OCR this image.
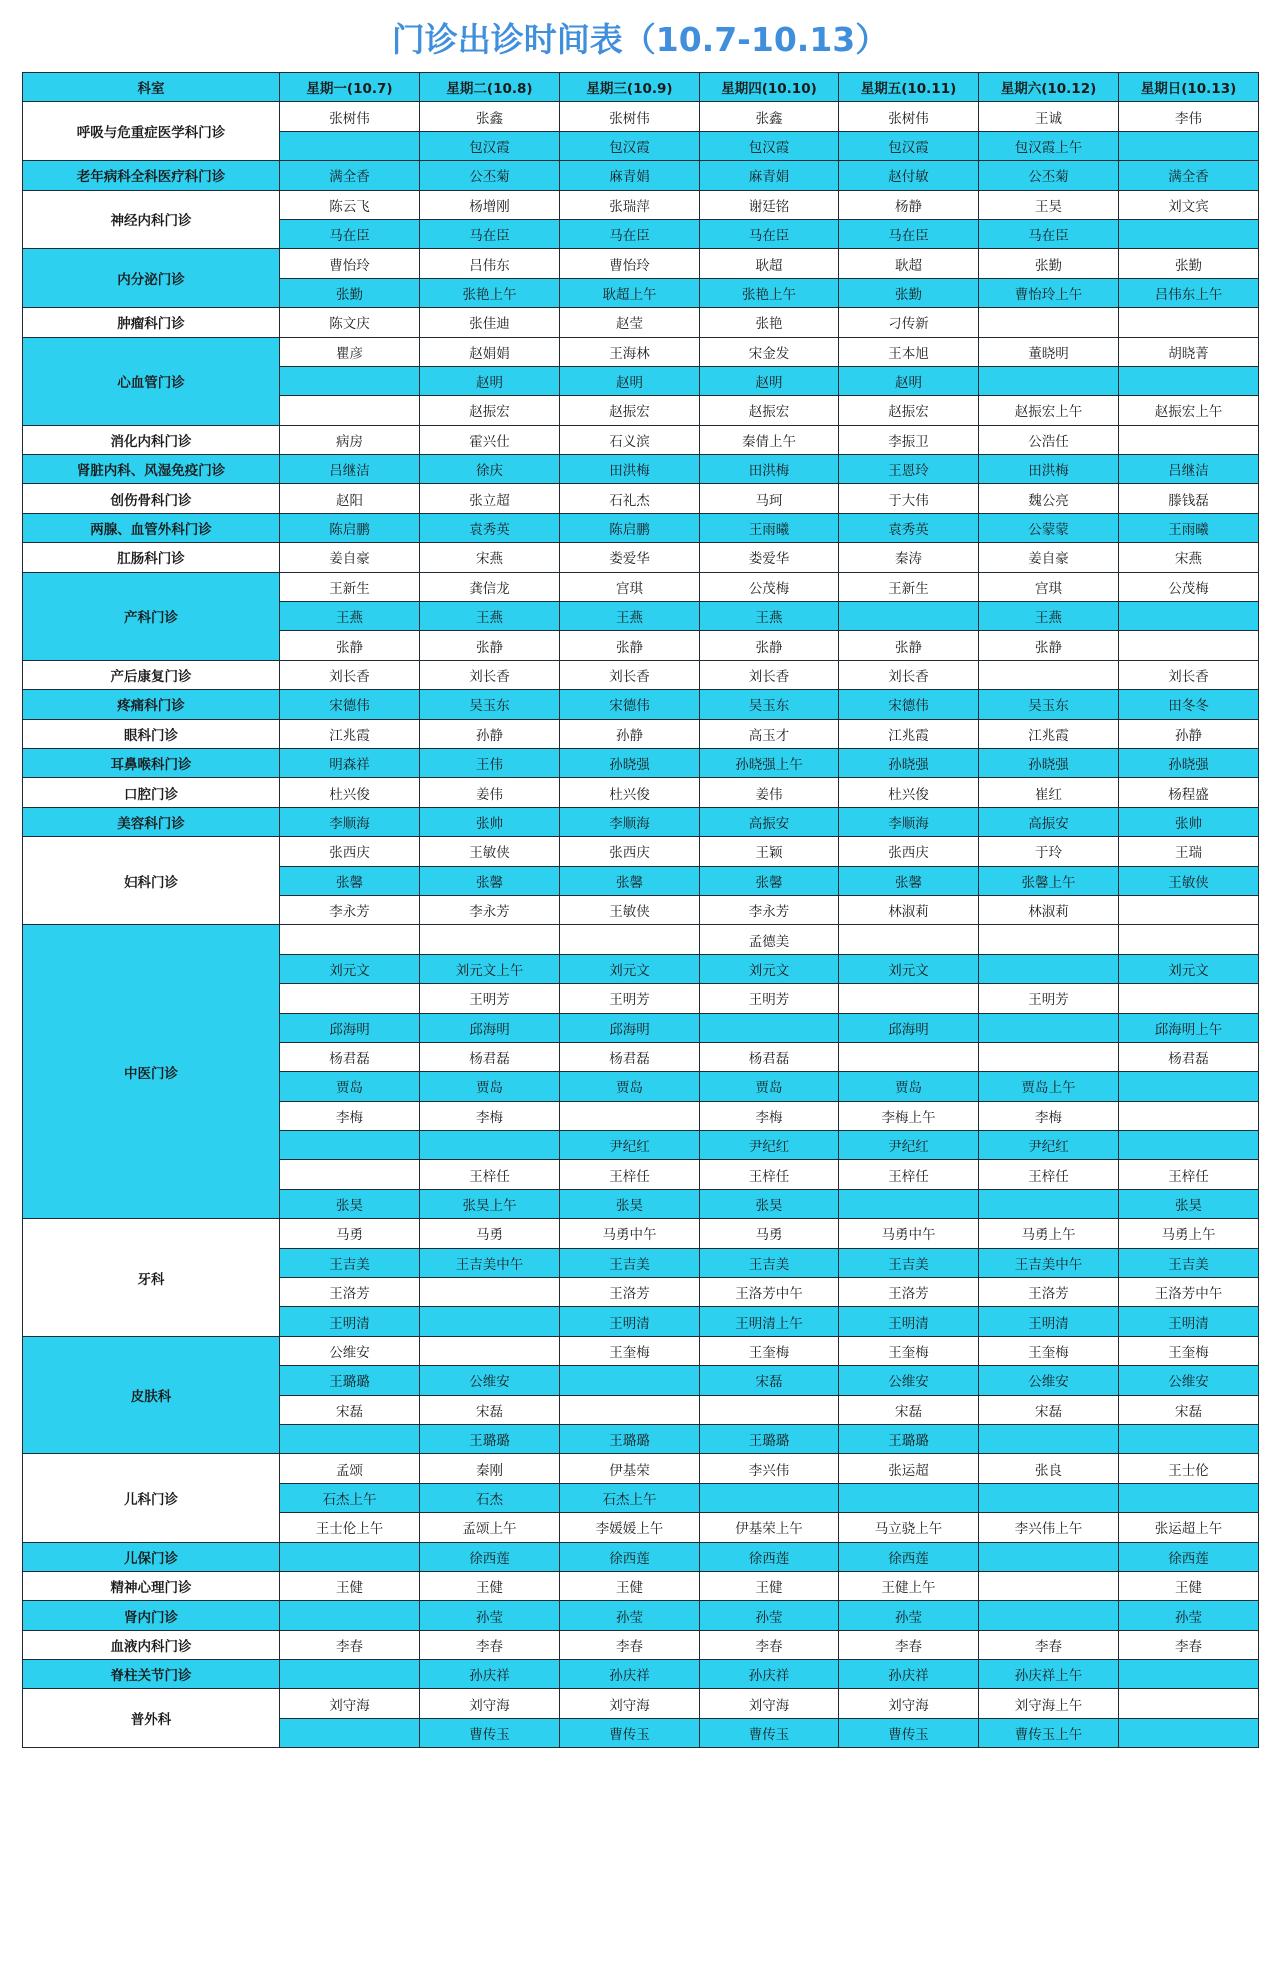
门诊出诊时间表（10.7-10.13）
科室	星期一(10.7)	星期二(10.8)	星期三(10.9)	星期四(10.10)	星期五(10.11)	星期六(10.12)	星期日(10.13)
呼吸与危重症医学科门诊	张树伟	张鑫	张树伟	张鑫	张树伟	王诚	李伟
		包汉霞	包汉霞	包汉霞	包汉霞	包汉霞上午	
老年病科全科医疗科门诊	满全香	公丕菊	麻青娟	麻青娟	赵付敏	公丕菊	满全香
神经内科门诊	陈云飞	杨增刚	张瑞萍	谢廷铭	杨静	王昊	刘文宾
	马在臣	马在臣	马在臣	马在臣	马在臣	马在臣	
内分泌门诊	曹怡玲	吕伟东	曹怡玲	耿超	耿超	张勤	张勤
	张勤	张艳上午	耿超上午	张艳上午	张勤	曹怡玲上午	吕伟东上午
肿瘤科门诊	陈文庆	张佳迪	赵莹	张艳	刁传新		
心血管门诊	瞿彦	赵娟娟	王海林	宋金发	王本旭	董晓明	胡晓菁
		赵明	赵明	赵明	赵明		
		赵振宏	赵振宏	赵振宏	赵振宏	赵振宏上午	赵振宏上午
消化内科门诊	病房	霍兴仕	石义滨	秦倩上午	李振卫	公浩任	
肾脏内科、风湿免疫门诊	吕继洁	徐庆	田洪梅	田洪梅	王恩玲	田洪梅	吕继洁
创伤骨科门诊	赵阳	张立超	石礼杰	马珂	于大伟	魏公亮	滕钱磊
两腺、血管外科门诊	陈启鹏	袁秀英	陈启鹏	王雨曦	袁秀英	公蒙蒙	王雨曦
肛肠科门诊	姜自豪	宋燕	娄爱华	娄爱华	秦涛	姜自豪	宋燕
产科门诊	王新生	龚信龙	宫琪	公茂梅	王新生	宫琪	公茂梅
	王燕	王燕	王燕	王燕		王燕	
	张静	张静	张静	张静	张静	张静	
产后康复门诊	刘长香	刘长香	刘长香	刘长香	刘长香		刘长香
疼痛科门诊	宋德伟	吴玉东	宋德伟	吴玉东	宋德伟	吴玉东	田冬冬
眼科门诊	江兆霞	孙静	孙静	高玉才	江兆霞	江兆霞	孙静
耳鼻喉科门诊	明森祥	王伟	孙晓强	孙晓强上午	孙晓强	孙晓强	孙晓强
口腔门诊	杜兴俊	姜伟	杜兴俊	姜伟	杜兴俊	崔红	杨程盛
美容科门诊	李顺海	张帅	李顺海	高振安	李顺海	高振安	张帅
妇科门诊	张西庆	王敏侠	张西庆	王颖	张西庆	于玲	王瑞
	张馨	张馨	张馨	张馨	张馨	张馨上午	王敏侠
	李永芳	李永芳	王敏侠	李永芳	林淑莉	林淑莉	
中医门诊				孟德美			
	刘元文	刘元文上午	刘元文	刘元文	刘元文		刘元文
		王明芳	王明芳	王明芳		王明芳	
	邱海明	邱海明	邱海明		邱海明		邱海明上午
	杨君磊	杨君磊	杨君磊	杨君磊			杨君磊
	贾岛	贾岛	贾岛	贾岛	贾岛	贾岛上午	
	李梅	李梅		李梅	李梅上午	李梅	
			尹纪红	尹纪红	尹纪红	尹纪红	
		王梓任	王梓任	王梓任	王梓任	王梓任	王梓任
	张昊	张昊上午	张昊	张昊			张昊
牙科	马勇	马勇	马勇中午	马勇	马勇中午	马勇上午	马勇上午
	王吉美	王吉美中午	王吉美	王吉美	王吉美	王吉美中午	王吉美
	王洛芳		王洛芳	王洛芳中午	王洛芳	王洛芳	王洛芳中午
	王明清		王明清	王明清上午	王明清	王明清	王明清
皮肤科	公维安		王奎梅	王奎梅	王奎梅	王奎梅	王奎梅
	王璐璐	公维安		宋磊	公维安	公维安	公维安
	宋磊	宋磊			宋磊	宋磊	宋磊
		王璐璐	王璐璐	王璐璐	王璐璐		
儿科门诊	孟颂	秦刚	伊基荣	李兴伟	张运超	张良	王士伦
	石杰上午	石杰	石杰上午				
	王士伦上午	孟颂上午	李媛媛上午	伊基荣上午	马立骁上午	李兴伟上午	张运超上午
儿保门诊		徐西莲	徐西莲	徐西莲	徐西莲		徐西莲
精神心理门诊	王健	王健	王健	王健	王健上午		王健
肾内门诊		孙莹	孙莹	孙莹	孙莹		孙莹
血液内科门诊	李春	李春	李春	李春	李春	李春	李春
脊柱关节门诊		孙庆祥	孙庆祥	孙庆祥	孙庆祥	孙庆祥上午	
普外科	刘守海	刘守海	刘守海	刘守海	刘守海	刘守海上午	
		曹传玉	曹传玉	曹传玉	曹传玉	曹传玉上午	
